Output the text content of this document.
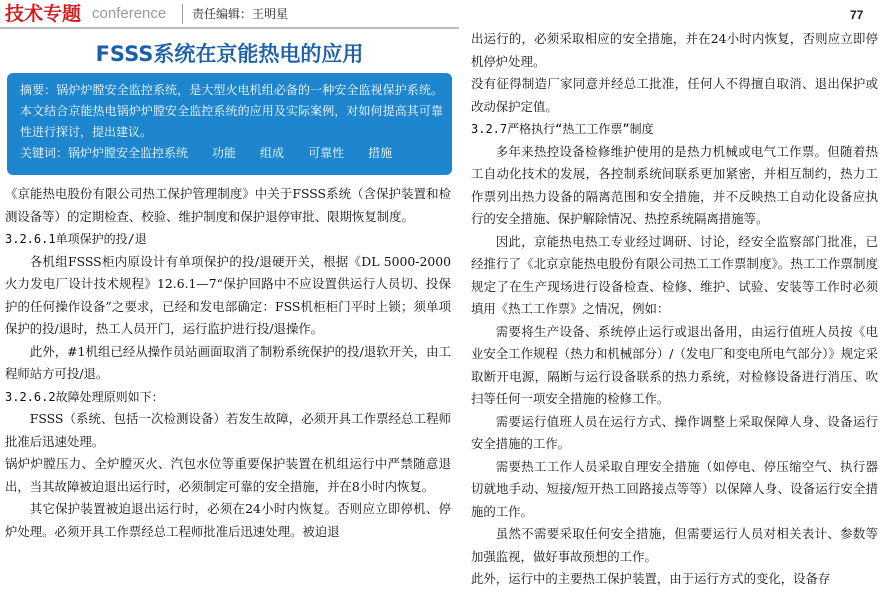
技术专题 conference 责任编辑：王明星	77
FSSS系统在京能热电的应用
摘要：锅炉炉膛安全监控系统，是大型火电机组必备的一种安全监视保护系统。本文结合京能热电锅炉炉膛安全监控系统的应用及实际案例，对如何提高其可靠性进行探讨，提出建议。
关键词： 锅炉炉膛安全监控系统 功能 组成 可靠性 措施

《京能热电股份有限公司热工保护管理制度》中关于FSSS系统（含保护装置和检测设备等）的定期检查、校验、维护制度和保护退停审批、限期恢复制度。

3.2.6.1单项保护的投/退

各机组FSSS柜内原设计有单项保护的投/退硬开关，根据《DL 5000-2000火力发电厂设计技术规程》12.6.1—7“保护回路中不应设置供运行人员切、投保护的任何操作设备”之要求，已经和发电部确定：FSS机柜柜门平时上锁；须单项保护的投/退时，热工人员开门，运行监护进行投/退操作。

此外，#1机组已经从操作员站画面取消了制粉系统保护的投/退软开关，由工程师站方可投/退。

3.2.6.2故障处理原则如下：

FSSS（系统、包括一次检测设备）若发生故障，必须开具工作票经总工程师批准后迅速处理。

锅炉炉膛压力、全炉膛灭火、汽包水位等重要保护装置在机组运行中严禁随意退出，当其故障被迫退出运行时，必须制定可靠的安全措施，并在8小时内恢复。

其它保护装置被迫退出运行时，必须在24小时内恢复。否则应立即停机、停炉处理。必须开具工作票经总工程师批准后迅速处理。被迫退

出运行的，必须采取相应的安全措施，并在24小时内恢复，否则应立即停机停炉处理。

没有征得制造厂家同意并经总工批准，任何人不得擅自取消、退出保护或改动保护定值。

3.2.7严格执行“热工工作票”制度

多年来热控设备检修维护使用的是热力机械或电气工作票。但随着热工自动化技术的发展，各控制系统间联系更加紧密，并相互制约，热力工作票列出热力设备的隔离范围和安全措施，并不反映热工自动化设备应执行的安全措施、保护解除情况、热控系统隔离措施等。

因此，京能热电热工专业经过调研、讨论，经安全监察部门批准，已经推行了《北京京能热电股份有限公司热工工作票制度》。热工工作票制度规定了在生产现场进行设备检查、检修、维护、试验、安装等工作时必须填用《热工工作票》之情况，例如：

需要将生产设备、系统停止运行或退出备用，由运行值班人员按《电业安全工作规程（热力和机械部分）/（发电厂和变电所电气部分）》规定采取断开电源，隔断与运行设备联系的热力系统，对检修设备进行消压、吹扫等任何一项安全措施的检修工作。

需要运行值班人员在运行方式、操作调整上采取保障人身、设备运行安全措施的工作。

需要热工工作人员采取自理安全措施（如停电、停压缩空气、执行器切就地手动、短接/短开热工回路接点等等）以保障人身、设备运行安全措施的工作。

虽然不需要采取任何安全措施，但需要运行人员对相关表计、参数等加强监视，做好事故预想的工作。

此外，运行中的主要热工保护装置，由于运行方式的变化，设备存
